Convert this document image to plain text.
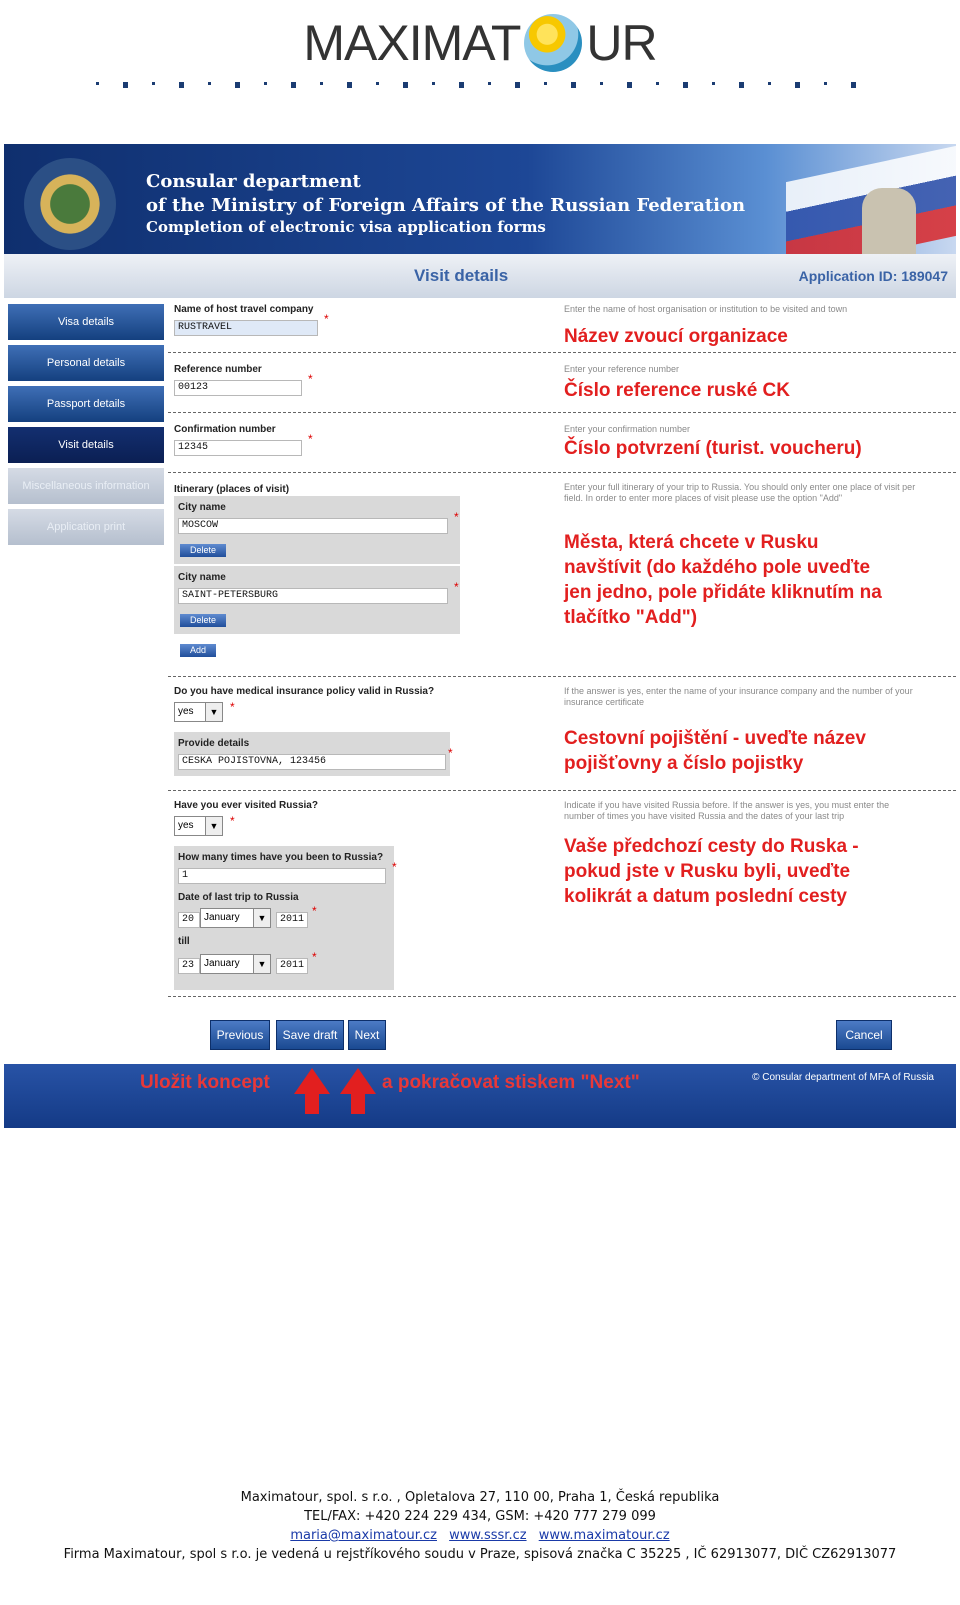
MAXIMAT UR
Consular department
of the Ministry of Foreign Affairs of the Russian Federation
Completion of electronic visa application forms
Visit details	Application ID: 189047
Visa details
Personal details
Passport details
Visit details
Miscellaneous information
Application print
Name of host travel company
RUSTRAVEL
*
Enter the name of host organisation or institution to be visited and town
Název zvoucí organizace
Reference number
00123
*
Enter your reference number
Číslo reference ruské CK
Confirmation number
12345
*
Enter your confirmation number
Číslo potvrzení (turist. voucheru)
Itinerary (places of visit)
City name
MOSCOW
*
Delete
City name
SAINT-PETERSBURG
*
Delete
Add
Enter your full itinerary of your trip to Russia. You should only enter one place of visit per field. In order to enter more places of visit please use the option "Add"
Města, která chcete v Rusku
navštívit (do každého pole uveďte
jen jedno, pole přidáte kliknutím na
tlačítko "Add")
Do you have medical insurance policy valid in Russia?
yes	▼ *
Provide details
CESKA POJISTOVNA, 123456
*
If the answer is yes, enter the name of your insurance company and the number of your insurance certificate
Cestovní pojištění - uveďte název
pojišťovny a číslo pojistky
Have you ever visited Russia?
yes	▼ *
How many times have you been to Russia?
1
*
Date of last trip to Russia
20 January	▼	2011
*
till
23 January	▼	2011
*
Indicate if you have visited Russia before. If the answer is yes, you must enter the number of times you have visited Russia and the dates of your last trip
Vaše předchozí cesty do Ruska -
pokud jste v Rusku byli, uveďte
kolikrát a datum poslední cesty
Previous	Save draft	Next	Cancel
Uložit koncept	a pokračovat stiskem "Next"	© Consular department of MFA of Russia
Maximatour, spol. s r.o. , Opletalova 27, 110 00, Praha 1, Česká republika
TEL/FAX: +420 224 229 434, GSM: +420 777 279 099
maria@maximatour.cz www.sssr.cz www.maximatour.cz
Firma Maximatour, spol s r.o. je vedená u rejstříkového soudu v Praze, spisová značka C 35225 , IČ 62913077, DIČ CZ62913077
